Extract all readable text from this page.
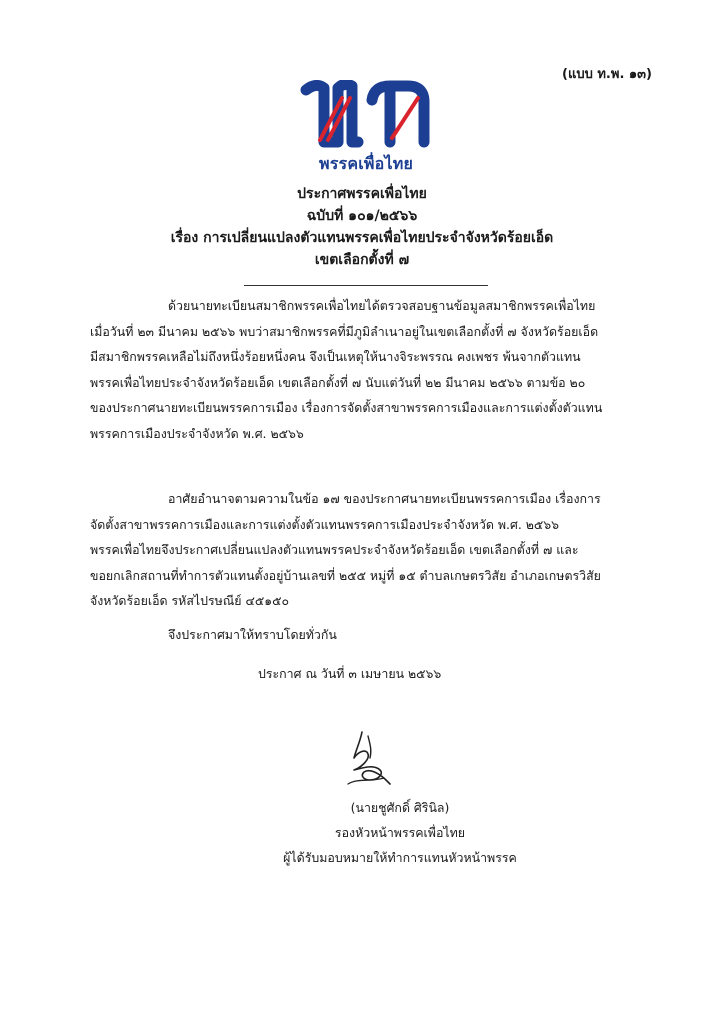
(แบบ ท.พ. ๑๓)
พรรคเพื่อไทย
ประกาศพรรคเพื่อไทย
ฉบับที่ ๑๐๑/๒๕๖๖
เรื่อง การเปลี่ยนแปลงตัวแทนพรรคเพื่อไทยประจำจังหวัดร้อยเอ็ด
เขตเลือกตั้งที่ ๗
ด้วยนายทะเบียนสมาชิกพรรคเพื่อไทยได้ตรวจสอบฐานข้อมูลสมาชิกพรรคเพื่อไทย
เมื่อวันที่ ๒๓ มีนาคม ๒๕๖๖ พบว่าสมาชิกพรรคที่มีภูมิลำเนาอยู่ในเขตเลือกตั้งที่ ๗ จังหวัดร้อยเอ็ด
มีสมาชิกพรรคเหลือไม่ถึงหนึ่งร้อยหนึ่งคน จึงเป็นเหตุให้นางจิระพรรณ คงเพชร พ้นจากตัวแทน
พรรคเพื่อไทยประจำจังหวัดร้อยเอ็ด เขตเลือกตั้งที่ ๗ นับแต่วันที่ ๒๒ มีนาคม ๒๕๖๖ ตามข้อ ๒๐
ของประกาศนายทะเบียนพรรคการเมือง เรื่องการจัดตั้งสาขาพรรคการเมืองและการแต่งตั้งตัวแทน
พรรคการเมืองประจำจังหวัด พ.ศ. ๒๕๖๖
อาศัยอำนาจตามความในข้อ ๑๗ ของประกาศนายทะเบียนพรรคการเมือง เรื่องการ
จัดตั้งสาขาพรรคการเมืองและการแต่งตั้งตัวแทนพรรคการเมืองประจำจังหวัด พ.ศ. ๒๕๖๖
พรรคเพื่อไทยจึงประกาศเปลี่ยนแปลงตัวแทนพรรคประจำจังหวัดร้อยเอ็ด เขตเลือกตั้งที่ ๗ และ
ขอยกเลิกสถานที่ทำการตัวแทนตั้งอยู่บ้านเลขที่ ๒๕๕ หมู่ที่ ๑๕ ตำบลเกษตรวิสัย อำเภอเกษตรวิสัย
จังหวัดร้อยเอ็ด รหัสไปรษณีย์ ๔๕๑๕๐
จึงประกาศมาให้ทราบโดยทั่วกัน
ประกาศ ณ วันที่ ๓ เมษายน ๒๕๖๖
(นายชูศักดิ์ ศิรินิล)
รองหัวหน้าพรรคเพื่อไทย
ผู้ได้รับมอบหมายให้ทำการแทนหัวหน้าพรรค
